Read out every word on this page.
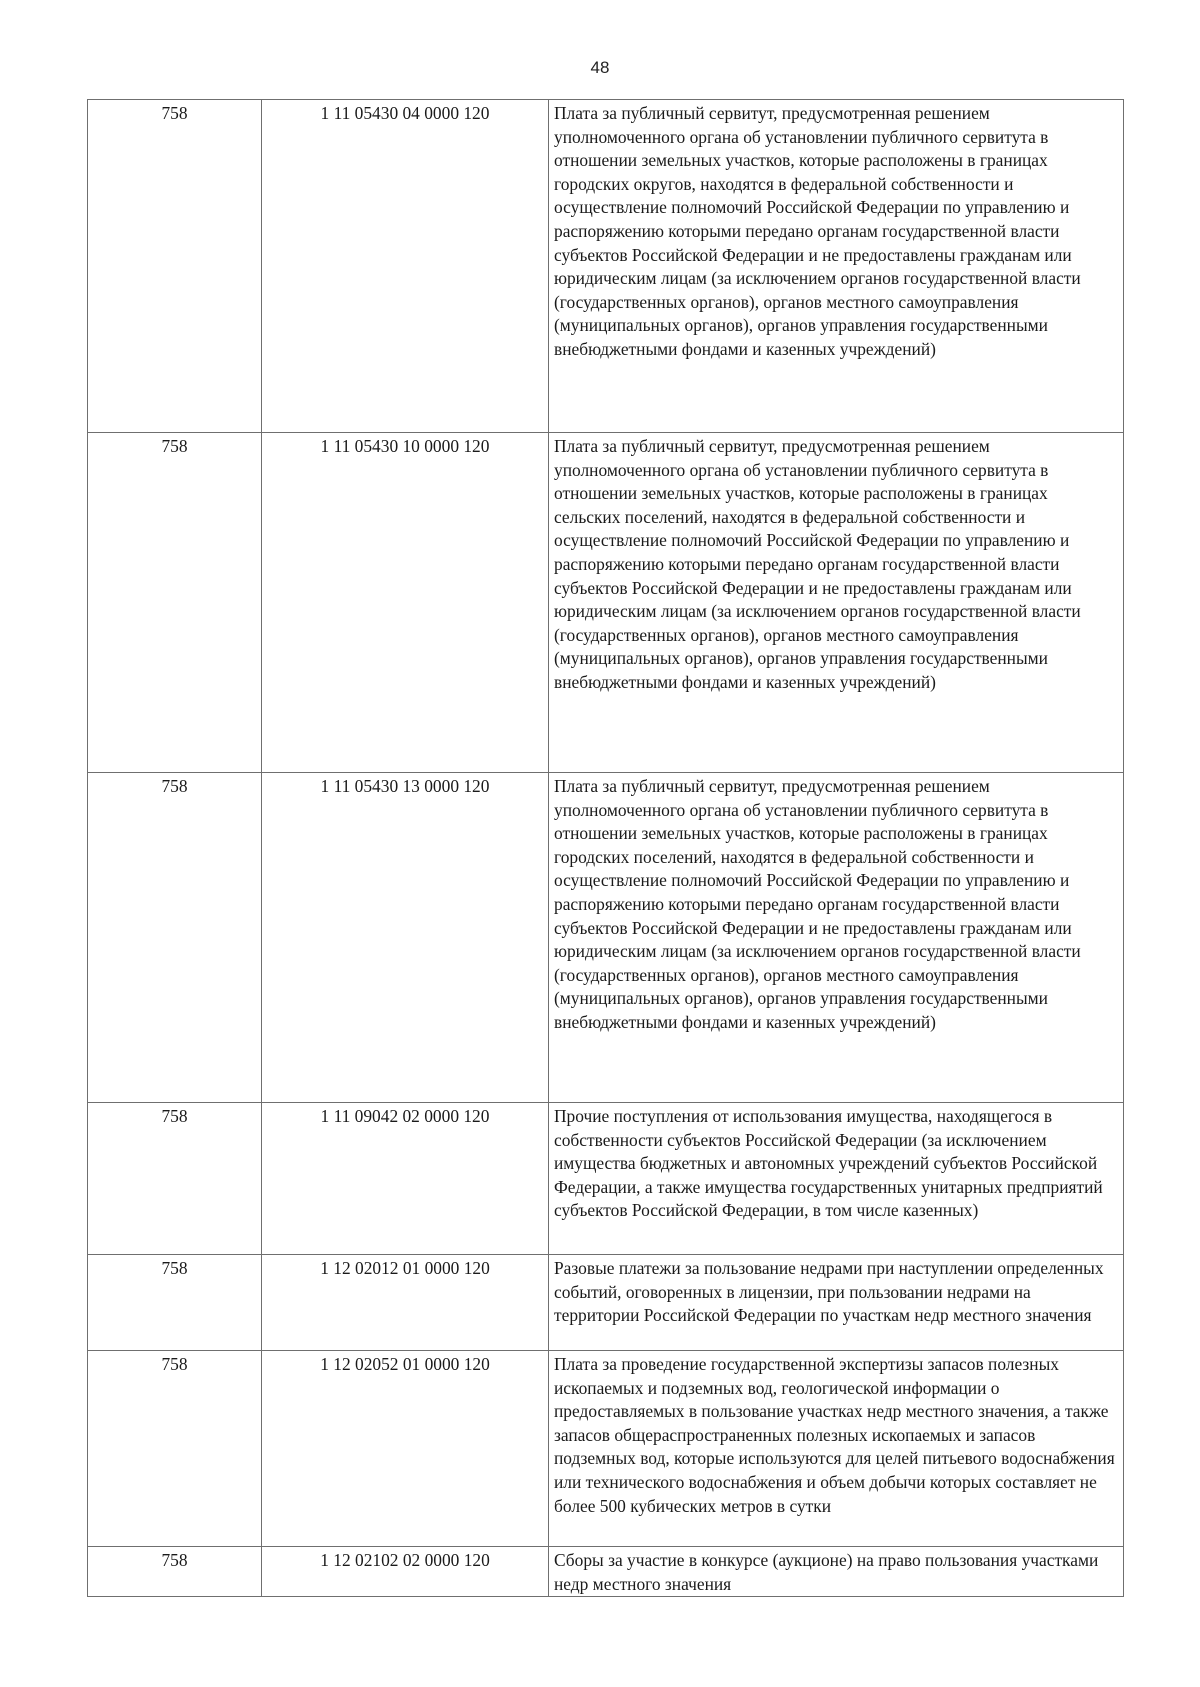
48
758	1 11 05430 04 0000 120	Плата за публичный сервитут, предусмотренная решением уполномоченного органа об установлении публичного сервитута в отношении земельных участков, которые расположены в границах городских округов, находятся в федеральной собственности и осуществление полномочий Российской Федерации по управлению и распоряжению которыми передано органам государственной власти субъектов Российской Федерации и не предоставлены гражданам или юридическим лицам (за исключением органов государственной власти (государственных органов), органов местного самоуправления (муниципальных органов), органов управления государственными внебюджетными фондами и казенных учреждений)
758	1 11 05430 10 0000 120	Плата за публичный сервитут, предусмотренная решением уполномоченного органа об установлении публичного сервитута в отношении земельных участков, которые расположены в границах сельских поселений, находятся в федеральной собственности и осуществление полномочий Российской Федерации по управлению и распоряжению которыми передано органам государственной власти субъектов Российской Федерации и не предоставлены гражданам или юридическим лицам (за исключением органов государственной власти (государственных органов), органов местного самоуправления (муниципальных органов), органов управления государственными внебюджетными фондами и казенных учреждений)
758	1 11 05430 13 0000 120	Плата за публичный сервитут, предусмотренная решением уполномоченного органа об установлении публичного сервитута в отношении земельных участков, которые расположены в границах городских поселений, находятся в федеральной собственности и осуществление полномочий Российской Федерации по управлению и распоряжению которыми передано органам государственной власти субъектов Российской Федерации и не предоставлены гражданам или юридическим лицам (за исключением органов государственной власти (государственных органов), органов местного самоуправления (муниципальных органов), органов управления государственными внебюджетными фондами и казенных учреждений)
758	1 11 09042 02 0000 120	Прочие поступления от использования имущества, находящегося в собственности субъектов Российской Федерации (за исключением имущества бюджетных и автономных учреждений субъектов Российской Федерации, а также имущества государственных унитарных предприятий субъектов Российской Федерации, в том числе казенных)
758	1 12 02012 01 0000 120	Разовые платежи за пользование недрами при наступлении определенных событий, оговоренных в лицензии, при пользовании недрами на территории Российской Федерации по участкам недр местного значения
758	1 12 02052 01 0000 120	Плата за проведение государственной экспертизы запасов полезных ископаемых и подземных вод, геологической информации о предоставляемых в пользование участках недр местного значения, а также запасов общераспространенных полезных ископаемых и запасов подземных вод, которые используются для целей питьевого водоснабжения или технического водоснабжения и объем добычи которых составляет не более 500 кубических метров в сутки
758	1 12 02102 02 0000 120	Сборы за участие в конкурсе (аукционе) на право пользования участками недр местного значения
